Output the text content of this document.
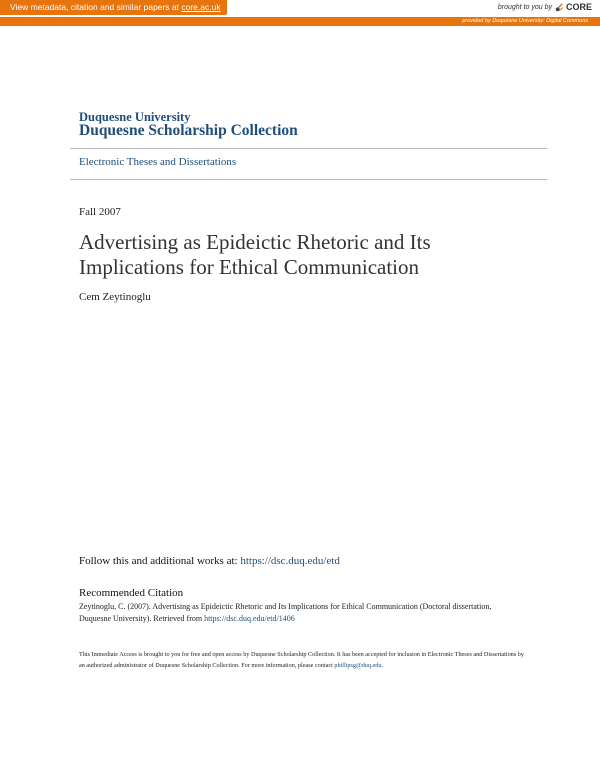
View metadata, citation and similar papers at core.ac.uk	brought to you by CORE
provided by Duquesne University: Digital Commons
Duquesne University
Duquesne Scholarship Collection
Electronic Theses and Dissertations
Fall 2007
Advertising as Epideictic Rhetoric and Its Implications for Ethical Communication
Cem Zeytinoglu
Follow this and additional works at: https://dsc.duq.edu/etd
Recommended Citation
Zeytinoglu, C. (2007). Advertising as Epideictic Rhetoric and Its Implications for Ethical Communication (Doctoral dissertation, Duquesne University). Retrieved from https://dsc.duq.edu/etd/1406
This Immediate Access is brought to you for free and open access by Duquesne Scholarship Collection. It has been accepted for inclusion in Electronic Theses and Dissertations by an authorized administrator of Duquesne Scholarship Collection. For more information, please contact phillipsg@duq.edu.
